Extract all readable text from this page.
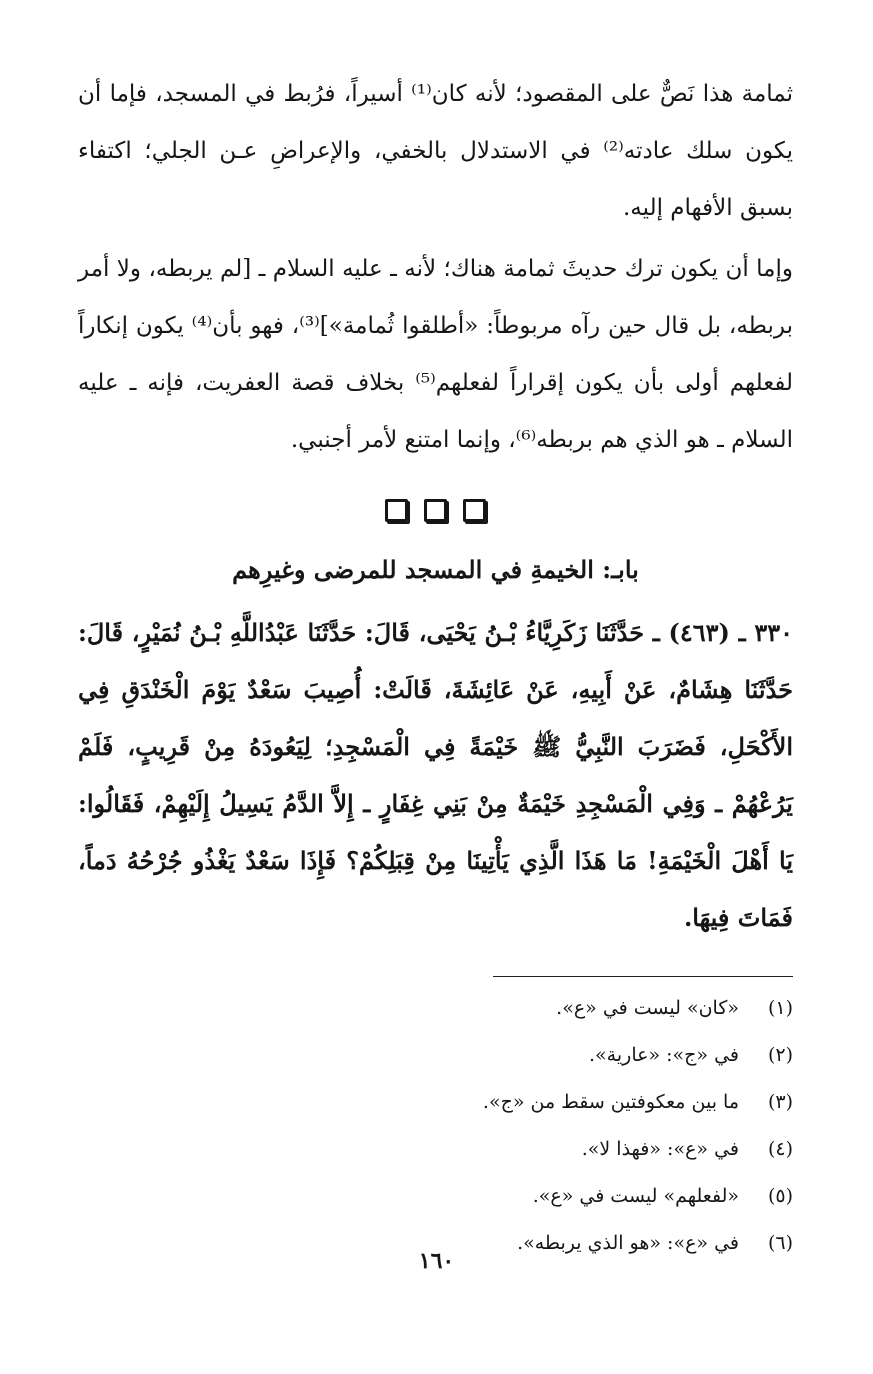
ثمامة هذا نَصٌّ على المقصود؛ لأنه كان⁽¹⁾ أسيراً، فرُبط في المسجد، فإما أن يكون سلك عادته⁽²⁾ في الاستدلال بالخفي، والإعراضِ عـن الجلي؛ اكتفاء بسبق الأفهام إليه.

وإما أن يكون ترك حديثَ ثمامة هناك؛ لأنه ـ عليه السلام ـ [لم يربطه، ولا أمر بربطه، بل قال حين رآه مربوطاً: «أطلقوا ثُمامة»]⁽³⁾، فهو بأن⁽⁴⁾ يكون إنكاراً لفعلهم أولى بأن يكون إقراراً لفعلهم⁽⁵⁾ بخلاف قصة العفريت، فإنه ـ عليه السلام ـ هو الذي هم بربطه⁽⁶⁾، وإنما امتنع لأمر أجنبي.

بابـ: الخيمةِ في المسجد للمرضى وغيرِهم

٣٣٠ ـ (٤٦٣) ـ حَدَّثَنَا زَكَرِيَّاءُ بْـنُ يَحْيَى، قَالَ: حَدَّثَنَا عَبْدُاللَّهِ بْـنُ نُمَيْرٍ، قَالَ: حَدَّثَنَا هِشَامٌ، عَنْ أَبِيهِ، عَنْ عَائِشَةَ، قَالَتْ: أُصِيبَ سَعْدٌ يَوْمَ الْخَنْدَقِ فِي الأَكْحَلِ، فَضَرَبَ النَّبِيُّ ﷺ خَيْمَةً فِي الْمَسْجِدِ؛ لِيَعُودَهُ مِنْ قَرِيبٍ، فَلَمْ يَرُعْهُمْ ـ وَفِي الْمَسْجِدِ خَيْمَةٌ مِنْ بَنِي غِفَارٍ ـ إِلاَّ الدَّمُ يَسِيلُ إِلَيْهِمْ، فَقَالُوا: يَا أَهْلَ الْخَيْمَةِ! مَا هَذَا الَّذِي يَأْتِينَا مِنْ قِبَلِكُمْ؟ فَإِذَا سَعْدٌ يَغْذُو جُرْحُهُ دَماً، فَمَاتَ فِيهَا.

(١)
«كان» ليست في «ع».
(٢)
في «ج»: «عارية».
(٣)
ما بين معكوفتين سقط من «ج».
(٤)
في «ع»: «فهذا لا».
(٥)
«لفعلهم» ليست في «ع».
(٦)
في «ع»: «هو الذي يربطه».
١٦٠
